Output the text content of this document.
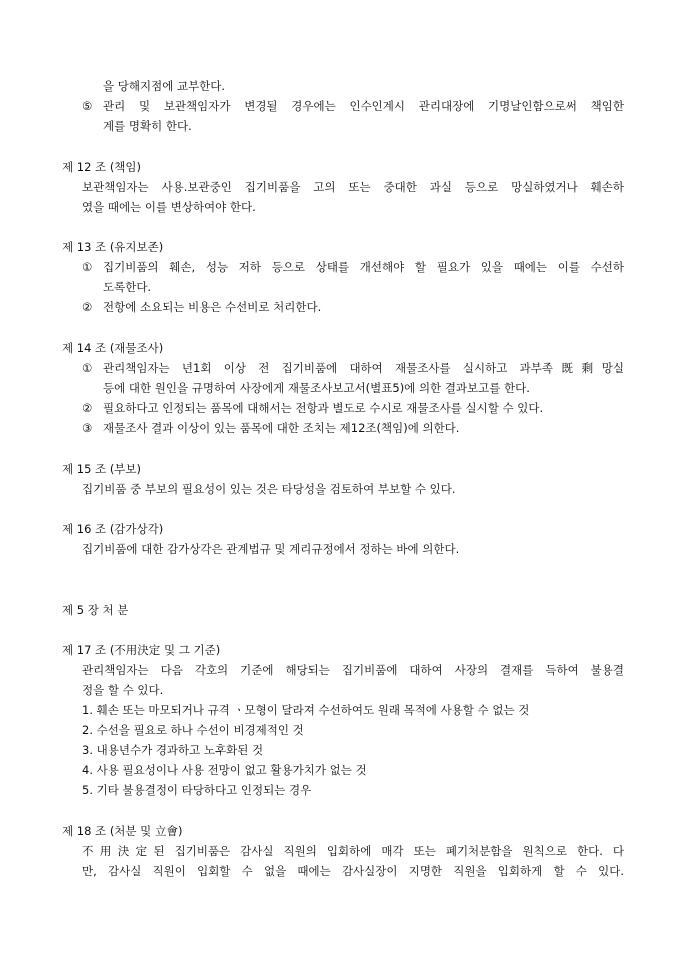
을 당해지점에 교부한다.
⑤ 관리 및 보관책임자가 변경될 경우에는 인수인계시 관리대장에 기명날인함으로써 책임한
계를 명확히 한다.
제 12 조 (책임)
보관책임자는 사용.보관중인 집기비품을 고의 또는 중대한 과실 등으로 망실하였거나 훼손하
였을 때에는 이를 변상하여야 한다.
제 13 조 (유지보존)
① 집기비품의 훼손, 성능 저하 등으로 상태를 개선해야 할 필요가 있을 때에는 이를 수선하
도록한다.
② 전항에 소요되는 비용은 수선비로 처리한다.
제 14 조 (재물조사)
① 관리책임자는 년1회 이상 전 집기비품에 대하여 재물조사를 실시하고 과부족既剩망실
등에 대한 원인을 규명하여 사장에게 재물조사보고서(별표5)에 의한 결과보고를 한다.
② 필요하다고 인정되는 품목에 대해서는 전항과 별도로 수시로 재물조사를 실시할 수 있다.
③ 재물조사 결과 이상이 있는 품목에 대한 조치는 제12조(책임)에 의한다.
제 15 조 (부보)
집기비품 중 부보의 필요성이 있는 것은 타당성을 검토하여 부보할 수 있다.
제 16 조 (감가상각)
집기비품에 대한 감가상각은 관계법규 및 계리규정에서 정하는 바에 의한다.
제 5 장 처 분
제 17 조 (不用決定 및 그 기준)
관리책임자는 다음 각호의 기준에 해당되는 집기비품에 대하여 사장의 결재를 득하여 불용결
정을 할 수 있다.
1. 훼손 또는 마모되거나 규격 ㆍ모형이 달라져 수선하여도 원래 목적에 사용할 수 없는 것
2. 수선을 필요로 하나 수선이 비경제적인 것
3. 내용년수가 경과하고 노후화된 것
4. 사용 필요성이나 사용 전망이 없고 활용가치가 없는 것
5. 기타 불용결정이 타당하다고 인정되는 경우
제 18 조 (처분 및 立會)
不用決定된 집기비품은 감사실 직원의 입회하에 매각 또는 폐기처분함을 원칙으로 한다. 다
만, 감사실 직원이 입회할 수 없을 때에는 감사실장이 지명한 직원을 입회하게 할 수 있다.
